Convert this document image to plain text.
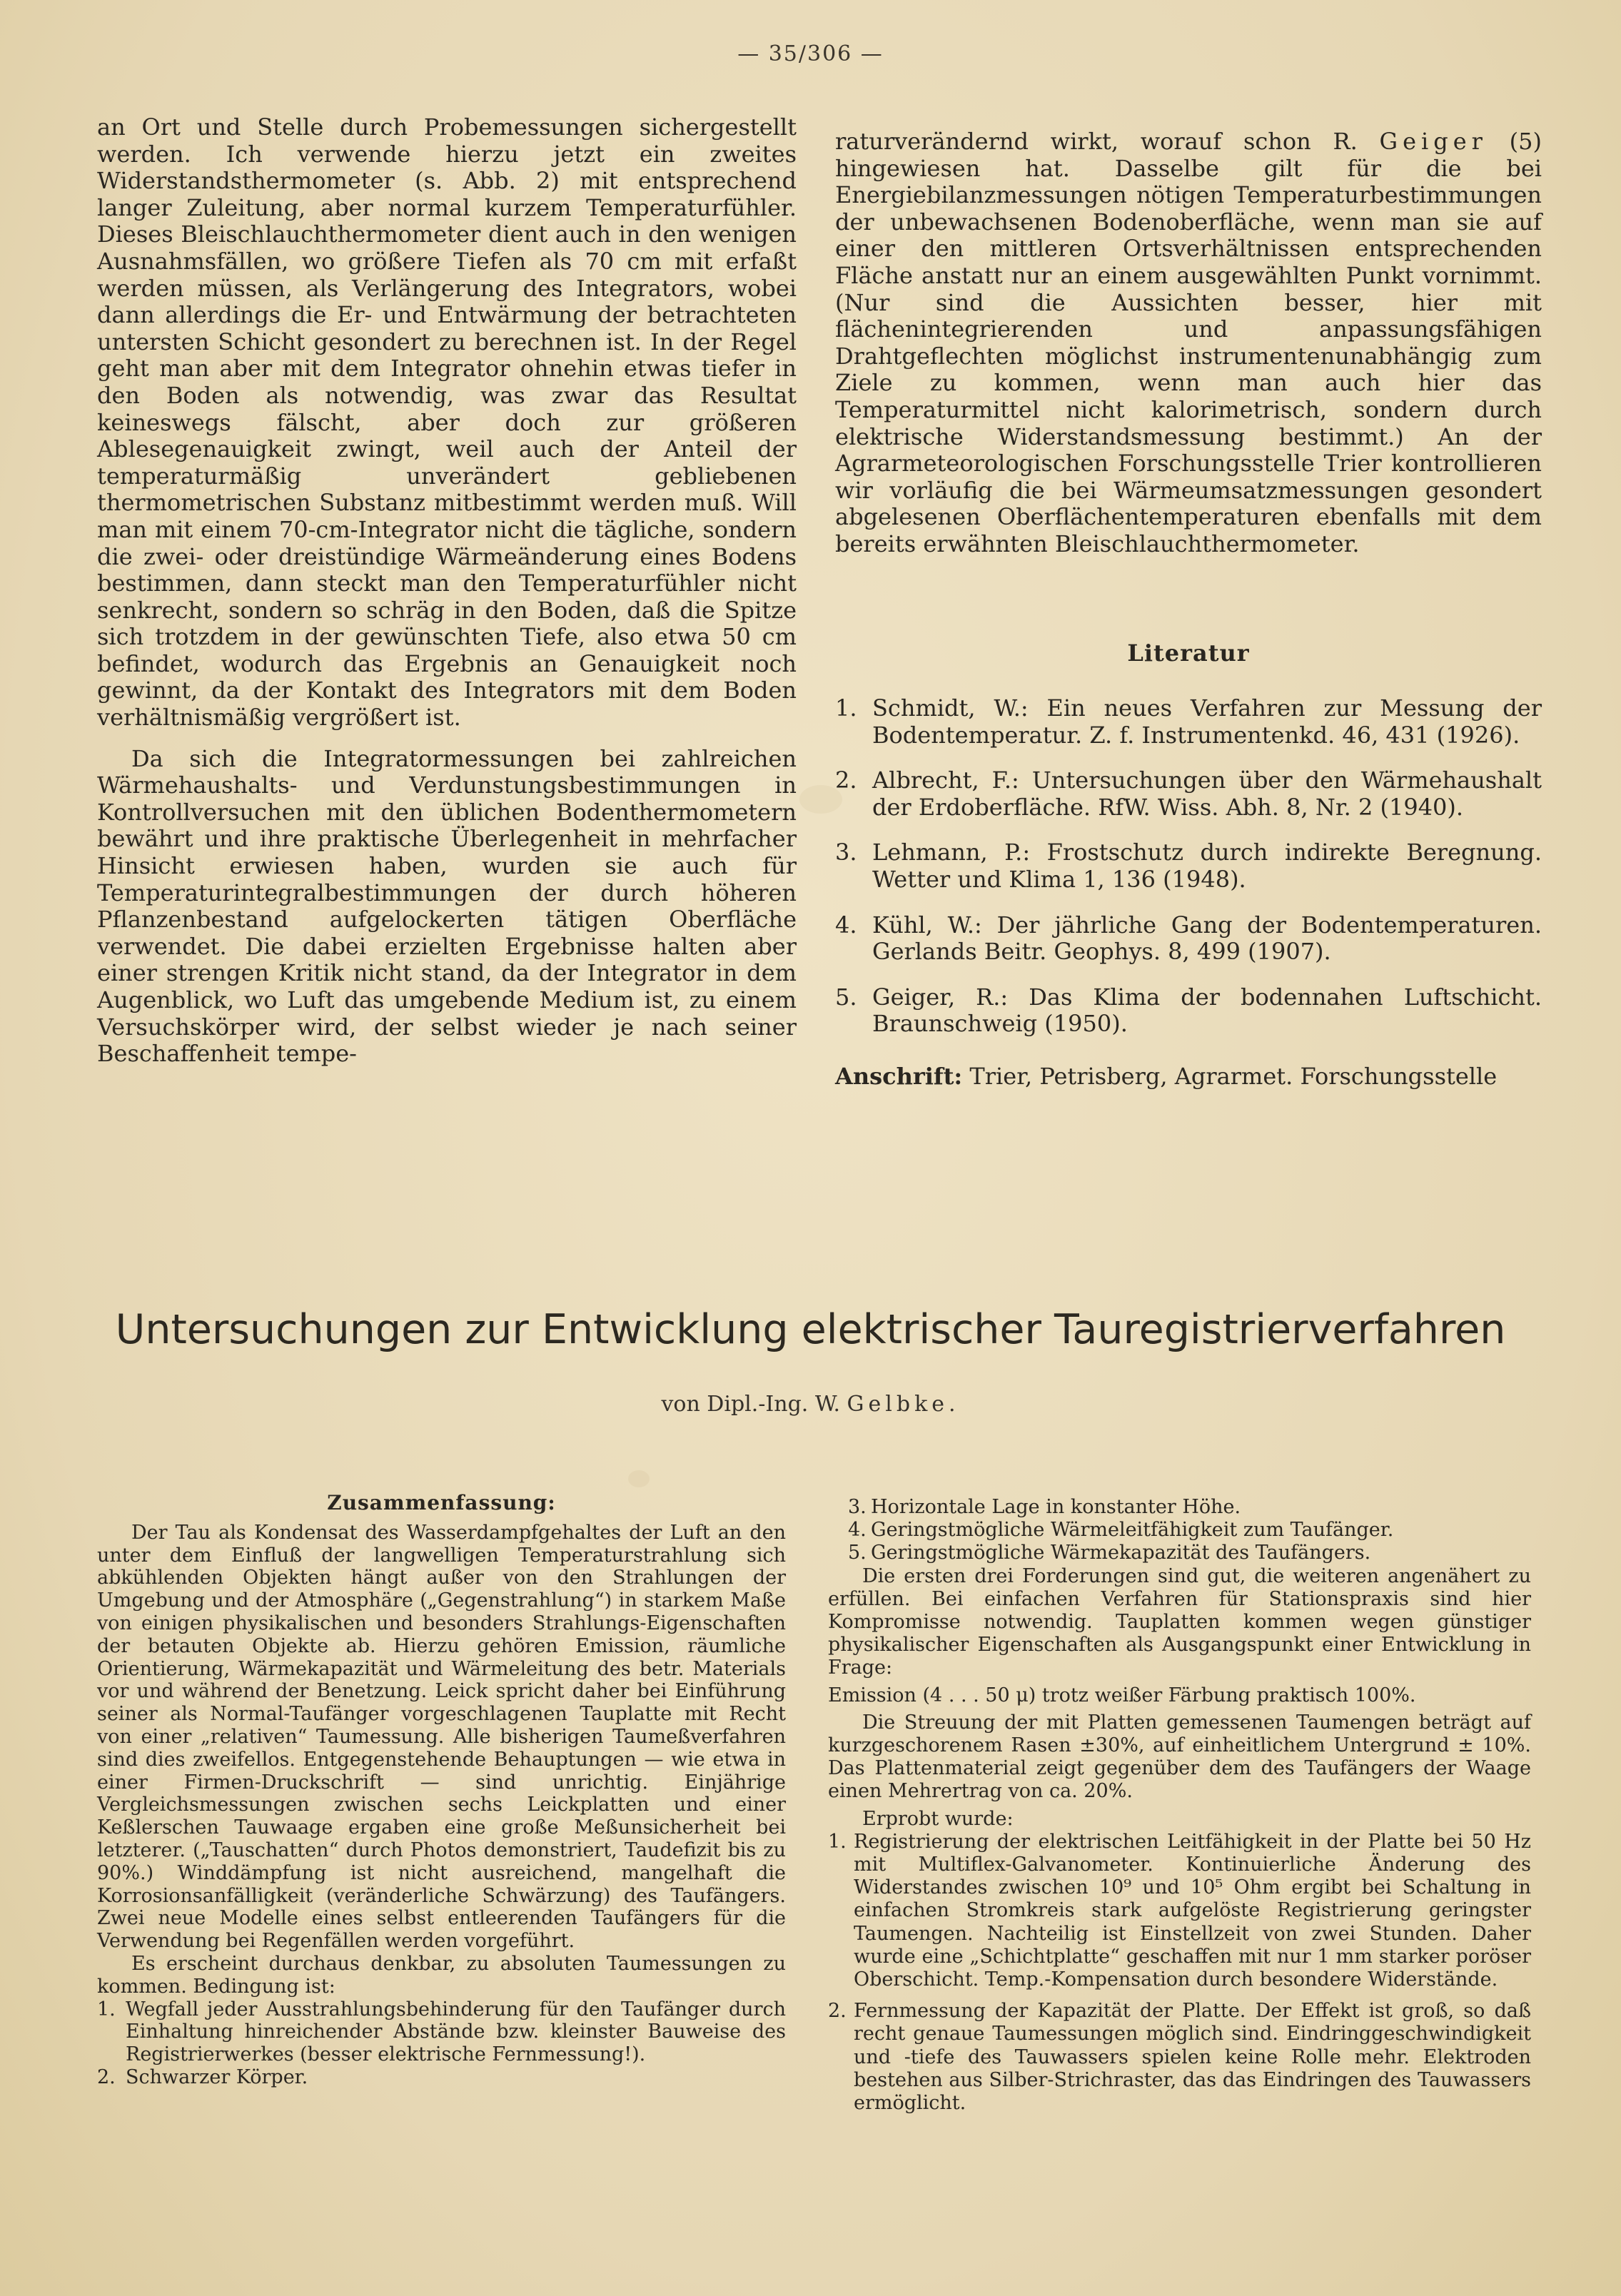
— 35/306 —

an Ort und Stelle durch Probemessungen sichergestellt werden. Ich verwende hierzu jetzt ein zweites Widerstandsthermometer (s. Abb. 2) mit entsprechend langer Zuleitung, aber normal kurzem Temperaturfühler. Dieses Bleischlauchthermometer dient auch in den wenigen Ausnahmsfällen, wo größere Tiefen als 70 cm mit erfaßt werden müssen, als Verlängerung des Integrators, wobei dann allerdings die Er- und Entwärmung der betrachteten untersten Schicht gesondert zu berechnen ist. In der Regel geht man aber mit dem Integrator ohnehin etwas tiefer in den Boden als notwendig, was zwar das Resultat keineswegs fälscht, aber doch zur größeren Ablesegenauigkeit zwingt, weil auch der Anteil der temperaturmäßig unverändert gebliebenen thermometrischen Substanz mitbestimmt werden muß. Will man mit einem 70-cm-Integrator nicht die tägliche, sondern die zwei- oder dreistündige Wärmeänderung eines Bodens bestimmen, dann steckt man den Temperaturfühler nicht senkrecht, sondern so schräg in den Boden, daß die Spitze sich trotzdem in der gewünschten Tiefe, also etwa 50 cm befindet, wodurch das Ergebnis an Genauigkeit noch gewinnt, da der Kontakt des Integrators mit dem Boden verhältnismäßig vergrößert ist.

Da sich die Integratormessungen bei zahlreichen Wärmehaushalts- und Verdunstungsbestimmungen in Kontrollversuchen mit den üblichen Bodenthermometern bewährt und ihre praktische Überlegenheit in mehrfacher Hinsicht erwiesen haben, wurden sie auch für Temperaturintegralbestimmungen der durch höheren Pflanzenbestand aufgelockerten tätigen Oberfläche verwendet. Die dabei erzielten Ergebnisse halten aber einer strengen Kritik nicht stand, da der Integrator in dem Augenblick, wo Luft das umgebende Medium ist, zu einem Versuchskörper wird, der selbst wieder je nach seiner Beschaffenheit tempe-

raturverändernd wirkt, worauf schon R. Geiger (5) hingewiesen hat. Dasselbe gilt für die bei Energiebilanzmessungen nötigen Temperaturbestimmungen der unbewachsenen Bodenoberfläche, wenn man sie auf einer den mittleren Ortsverhältnissen entsprechenden Fläche anstatt nur an einem ausgewählten Punkt vornimmt. (Nur sind die Aussichten besser, hier mit flächenintegrierenden und anpassungsfähigen Drahtgeflechten möglichst instrumentenunabhängig zum Ziele zu kommen, wenn man auch hier das Temperaturmittel nicht kalorimetrisch, sondern durch elektrische Widerstandsmessung bestimmt.) An der Agrarmeteorologischen Forschungsstelle Trier kontrollieren wir vorläufig die bei Wärmeumsatzmessungen gesondert abgelesenen Oberflächentemperaturen ebenfalls mit dem bereits erwähnten Bleischlauchthermometer.

Literatur

1. Schmidt, W.: Ein neues Verfahren zur Messung der Bodentemperatur. Z. f. Instrumentenkd. 46, 431 (1926).

2. Albrecht, F.: Untersuchungen über den Wärmehaushalt der Erdoberfläche. RfW. Wiss. Abh. 8, Nr. 2 (1940).

3. Lehmann, P.: Frostschutz durch indirekte Beregnung. Wetter und Klima 1, 136 (1948).

4. Kühl, W.: Der jährliche Gang der Bodentemperaturen. Gerlands Beitr. Geophys. 8, 499 (1907).

5. Geiger, R.: Das Klima der bodennahen Luftschicht. Braunschweig (1950).

Anschrift: Trier, Petrisberg, Agrarmet. Forschungsstelle

Untersuchungen zur Entwicklung elektrischer Tauregistrierverfahren
von Dipl.-Ing. W. Gelbke.

Zusammenfassung:

Der Tau als Kondensat des Wasserdampfgehaltes der Luft an den unter dem Einfluß der langwelligen Temperaturstrahlung sich abkühlenden Objekten hängt außer von den Strahlungen der Umgebung und der Atmosphäre („Gegenstrahlung“) in starkem Maße von einigen physikalischen und besonders Strahlungs-Eigenschaften der betauten Objekte ab. Hierzu gehören Emission, räumliche Orientierung, Wärmekapazität und Wärmeleitung des betr. Materials vor und während der Benetzung. Leick spricht daher bei Einführung seiner als Normal-Taufänger vorgeschlagenen Tauplatte mit Recht von einer „relativen“ Taumessung. Alle bisherigen Taumeßverfahren sind dies zweifellos. Entgegenstehende Behauptungen — wie etwa in einer Firmen-Druckschrift — sind unrichtig. Einjährige Vergleichsmessungen zwischen sechs Leickplatten und einer Keßlerschen Tauwaage ergaben eine große Meßunsicherheit bei letzterer. („Tauschatten“ durch Photos demonstriert, Taudefizit bis zu 90%.) Winddämpfung ist nicht ausreichend, mangelhaft die Korrosionsanfälligkeit (veränderliche Schwärzung) des Taufängers. Zwei neue Modelle eines selbst entleerenden Taufängers für die Verwendung bei Regenfällen werden vorgeführt.

Es erscheint durchaus denkbar, zu absoluten Taumessungen zu kommen. Bedingung ist:

1. Wegfall jeder Ausstrahlungsbehinderung für den Taufänger durch Einhaltung hinreichender Abstände bzw. kleinster Bauweise des Registrierwerkes (besser elektrische Fernmessung!).

2. Schwarzer Körper.

3. Horizontale Lage in konstanter Höhe.

4. Geringstmögliche Wärmeleitfähigkeit zum Taufänger.

5. Geringstmögliche Wärmekapazität des Taufängers.

Die ersten drei Forderungen sind gut, die weiteren angenähert zu erfüllen. Bei einfachen Verfahren für Stationspraxis sind hier Kompromisse notwendig. Tauplatten kommen wegen günstiger physikalischer Eigenschaften als Ausgangspunkt einer Entwicklung in Frage:

Emission (4 . . . 50 μ) trotz weißer Färbung praktisch 100%.

Die Streuung der mit Platten gemessenen Taumengen beträgt auf kurzgeschorenem Rasen ±30%, auf einheitlichem Untergrund ± 10%. Das Plattenmaterial zeigt gegenüber dem des Taufängers der Waage einen Mehrertrag von ca. 20%.

Erprobt wurde:

1. Registrierung der elektrischen Leitfähigkeit in der Platte bei 50 Hz mit Multiflex-Galvanometer. Kontinuierliche Änderung des Widerstandes zwischen 10⁹ und 10⁵ Ohm ergibt bei Schaltung in einfachen Stromkreis stark aufgelöste Registrierung geringster Taumengen. Nachteilig ist Einstellzeit von zwei Stunden. Daher wurde eine „Schichtplatte“ geschaffen mit nur 1 mm starker poröser Oberschicht. Temp.-Kompensation durch besondere Widerstände.

2. Fernmessung der Kapazität der Platte. Der Effekt ist groß, so daß recht genaue Taumessungen möglich sind. Eindringgeschwindigkeit und -tiefe des Tauwassers spielen keine Rolle mehr. Elektroden bestehen aus Silber-Strichraster, das das Eindringen des Tauwassers ermöglicht.
